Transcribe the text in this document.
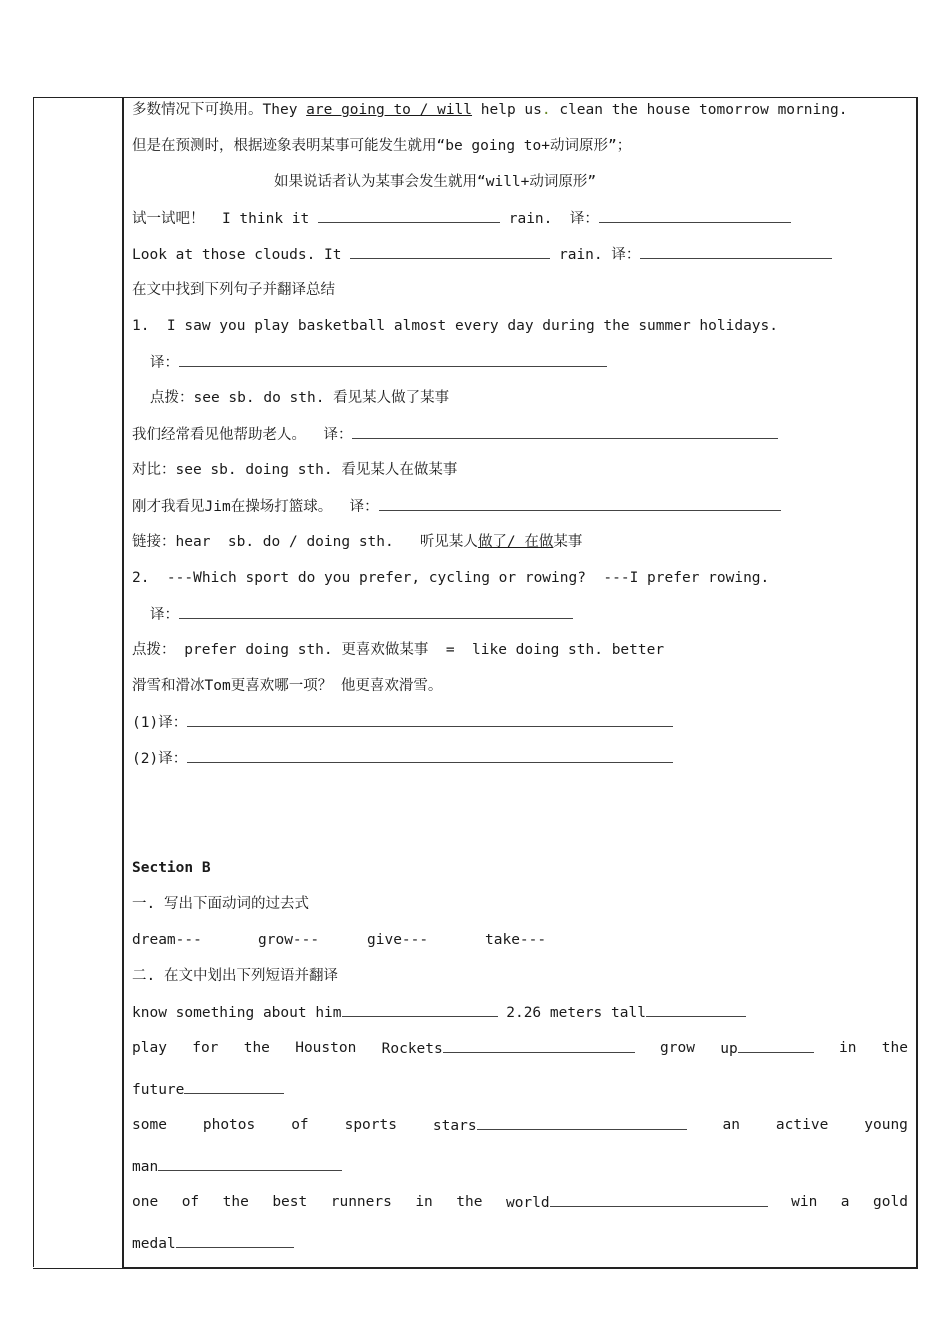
多数情况下可换用。They are going to / will help us. clean the house tomorrow morning.
但是在预测时，根据迹象表明某事可能发生就用“be going to+动词原形”；
如果说话者认为某事会发生就用“will+动词原形”
试一试吧！  I think it	rain.  译：
Look at those clouds. It	rain. 译：
在文中找到下列句子并翻译总结
1.  I saw you play basketball almost every day during the summer holidays.
译：
点拨：see sb. do sth. 看见某人做了某事
我们经常看见他帮助老人。  译：
对比：see sb. doing sth. 看见某人在做某事
刚才我看见Jim在操场打篮球。  译：
链接：hear  sb. do / doing sth.   听见某人做了/ 在做某事
2.  ---Which sport do you prefer, cycling or rowing?  ---I prefer rowing.
译：
点拨： prefer doing sth. 更喜欢做某事  =  like doing sth. better
滑雪和滑冰Tom更喜欢哪一项？ 他更喜欢滑雪。
(1)译：
(2)译：
Section B
一. 写出下面动词的过去式
dream---	grow---	give---	take---
二. 在文中划出下列短语并翻译
know something about him	2.26 meters tall
play for the Houston Rockets	grow up	in the
future
some photos of sports stars	an active young
man
one of the best runners in the world	win a gold
medal
